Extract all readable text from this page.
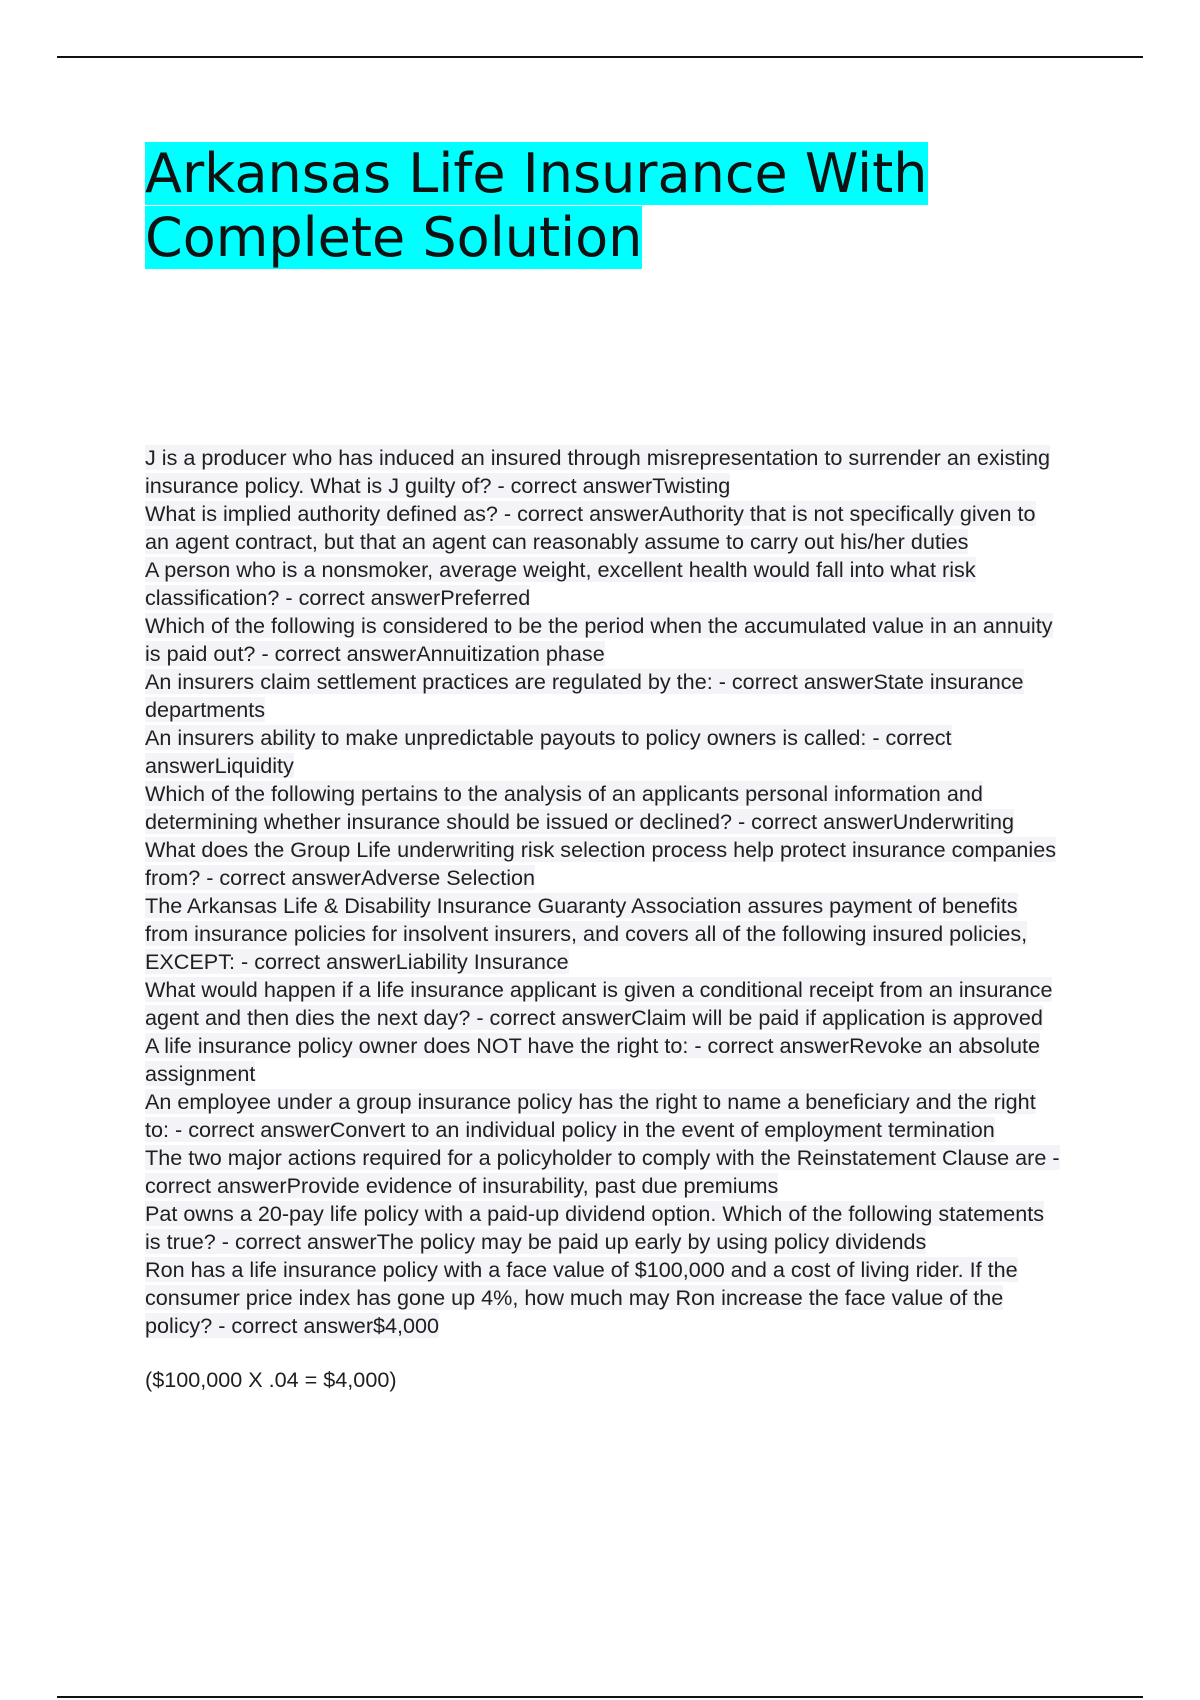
Arkansas Life Insurance With Complete Solution

J is a producer who has induced an insured through misrepresentation to surrender an existing insurance policy. What is J guilty of? - correct answerTwisting

What is implied authority defined as? - correct answerAuthority that is not specifically given to an agent contract, but that an agent can reasonably assume to carry out his/her duties

A person who is a nonsmoker, average weight, excellent health would fall into what risk classification? - correct answerPreferred

Which of the following is considered to be the period when the accumulated value in an annuity is paid out? - correct answerAnnuitization phase

An insurers claim settlement practices are regulated by the: - correct answerState insurance departments

An insurers ability to make unpredictable payouts to policy owners is called: - correct answerLiquidity

Which of the following pertains to the analysis of an applicants personal information and determining whether insurance should be issued or declined? - correct answerUnderwriting

What does the Group Life underwriting risk selection process help protect insurance companies from? - correct answerAdverse Selection

The Arkansas Life & Disability Insurance Guaranty Association assures payment of benefits from insurance policies for insolvent insurers, and covers all of the following insured policies, EXCEPT: - correct answerLiability Insurance

What would happen if a life insurance applicant is given a conditional receipt from an insurance agent and then dies the next day? - correct answerClaim will be paid if application is approved

A life insurance policy owner does NOT have the right to: - correct answerRevoke an absolute assignment

An employee under a group insurance policy has the right to name a beneficiary and the right to: - correct answerConvert to an individual policy in the event of employment termination

The two major actions required for a policyholder to comply with the Reinstatement Clause are - correct answerProvide evidence of insurability, past due premiums

Pat owns a 20-pay life policy with a paid-up dividend option. Which of the following statements is true? - correct answerThe policy may be paid up early by using policy dividends

Ron has a life insurance policy with a face value of $100,000 and a cost of living rider. If the consumer price index has gone up 4%, how much may Ron increase the face value of the policy? - correct answer$4,000

($100,000 X .04 = $4,000)
